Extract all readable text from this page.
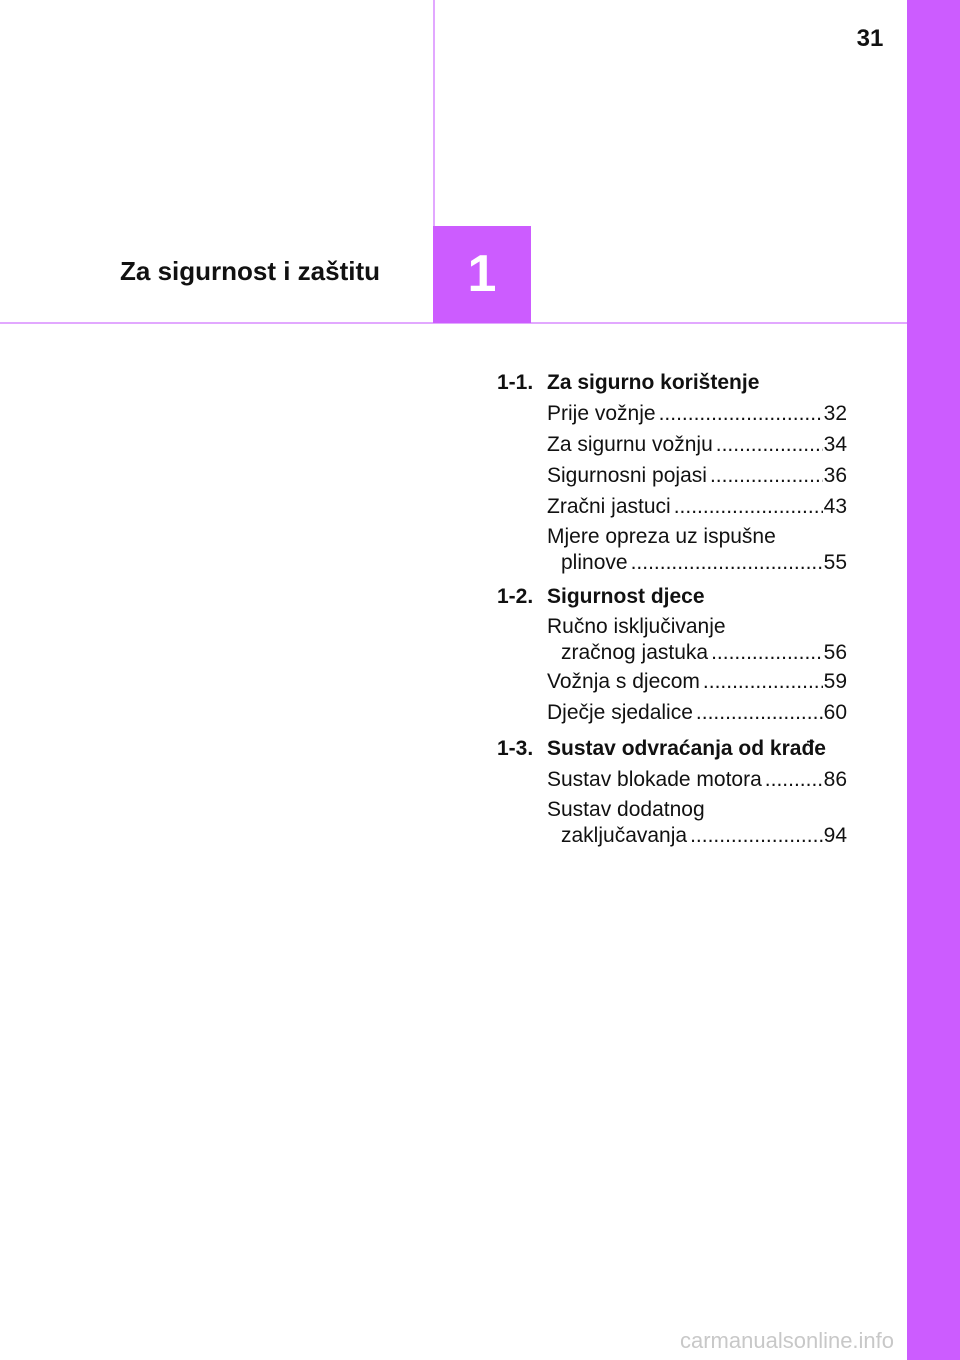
31
1
Za sigurnost i zaštitu
1-1. Za sigurno korištenje
Prije vožnje .....	32
Za sigurnu vožnju .....	34
Sigurnosni pojasi .....	36
Zračni jastuci .....	43
Mjere opreza uz ispušne
plinove .....	55
1-2. Sigurnost djece
Ručno isključivanje
zračnog jastuka .....	56
Vožnja s djecom .....	59
Dječje sjedalice .....	60
1-3. Sustav odvraćanja od krađe
Sustav blokade motora .....	86
Sustav dodatnog
zaključavanja .....	94
carmanualsonline.info
